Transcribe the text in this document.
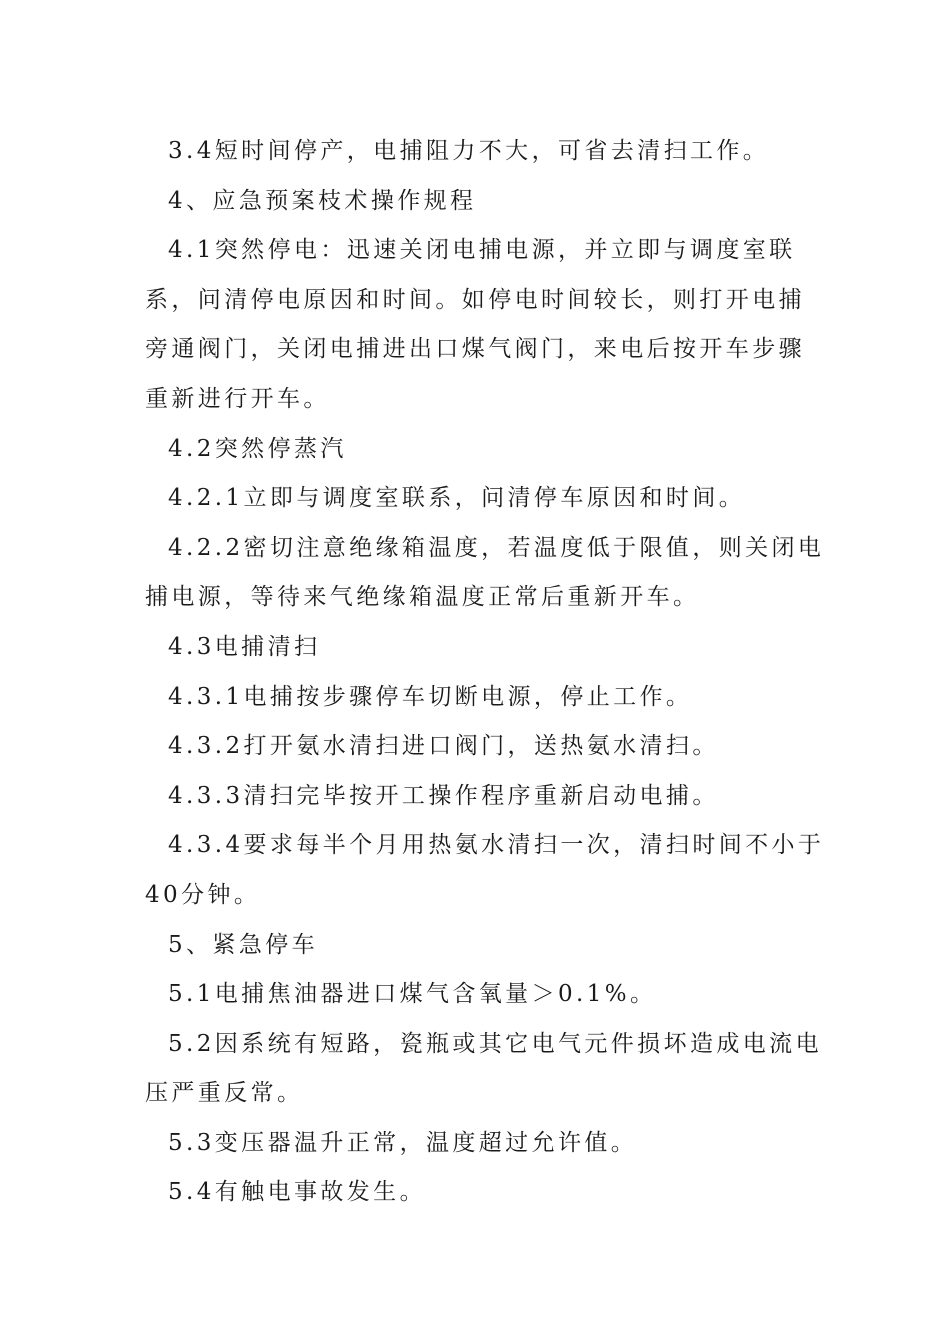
3.4短时间停产，电捕阻力不大，可省去清扫工作。

4、应急预案枝术操作规程

4.1突然停电：迅速关闭电捕电源，并立即与调度室联系，问清停电原因和时间。如停电时间较长，则打开电捕旁通阀门，关闭电捕进出口煤气阀门，来电后按开车步骤重新进行开车。

4.2突然停蒸汽

4.2.1立即与调度室联系，问清停车原因和时间。

4.2.2密切注意绝缘箱温度，若温度低于限值，则关闭电捕电源，等待来气绝缘箱温度正常后重新开车。

4.3电捕清扫

4.3.1电捕按步骤停车切断电源，停止工作。

4.3.2打开氨水清扫进口阀门，送热氨水清扫。

4.3.3清扫完毕按开工操作程序重新启动电捕。

4.3.4要求每半个月用热氨水清扫一次，清扫时间不小于40分钟。

5、紧急停车

5.1电捕焦油器进口煤气含氧量＞0.1%。

5.2因系统有短路，瓷瓶或其它电气元件损坏造成电流电压严重反常。

5.3变压器温升正常，温度超过允许值。

5.4有触电事故发生。
